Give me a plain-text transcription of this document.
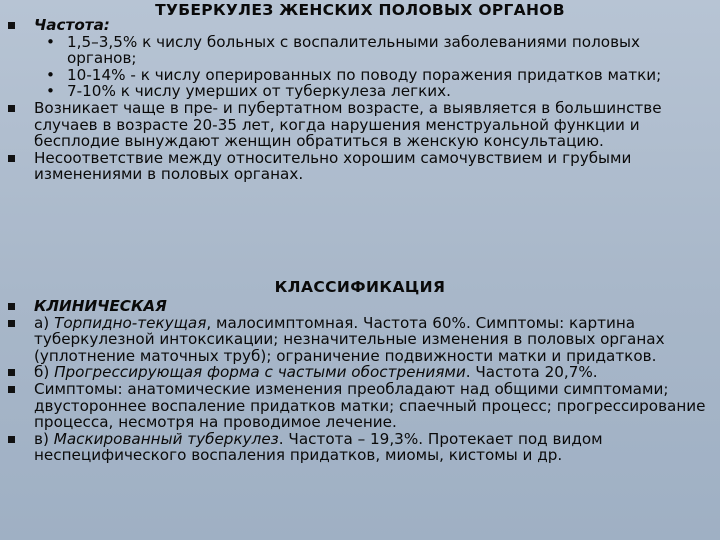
ТУБЕРКУЛЕЗ ЖЕНСКИХ ПОЛОВЫХ ОРГАНОВ
Частота:
• 1,5–3,5% к числу больных с воспалительными заболеваниями половых органов;
• 10-14% - к числу оперированных по поводу поражения придатков матки;
• 7-10% к числу умерших от туберкулеза легких.
Возникает чаще в пре- и пубертатном возрасте, а выявляется в большинстве случаев в возрасте 20-35 лет, когда нарушения менструальной функции и бесплодие вынуждают женщин обратиться в женскую консультацию.
Несоответствие между относительно хорошим самочувствием и грубыми изменениями в половых органах.
КЛАССИФИКАЦИЯ
КЛИНИЧЕСКАЯ
а) Торпидно-текущая, малосимптомная. Частота 60%. Симптомы: картина туберкулезной интоксикации; незначительные изменения в половых органах (уплотнение маточных труб); ограничение подвижности матки и придатков.
б) Прогрессирующая форма с частыми обострениями. Частота 20,7%.
Симптомы: анатомические изменения преобладают над общими симптомами; двустороннее воспаление придатков матки; спаечный процесс; прогрессирование процесса, несмотря на проводимое лечение.
в) Маскированный туберкулез. Частота – 19,3%. Протекает под видом неспецифического воспаления придатков, миомы, кистомы и др.
